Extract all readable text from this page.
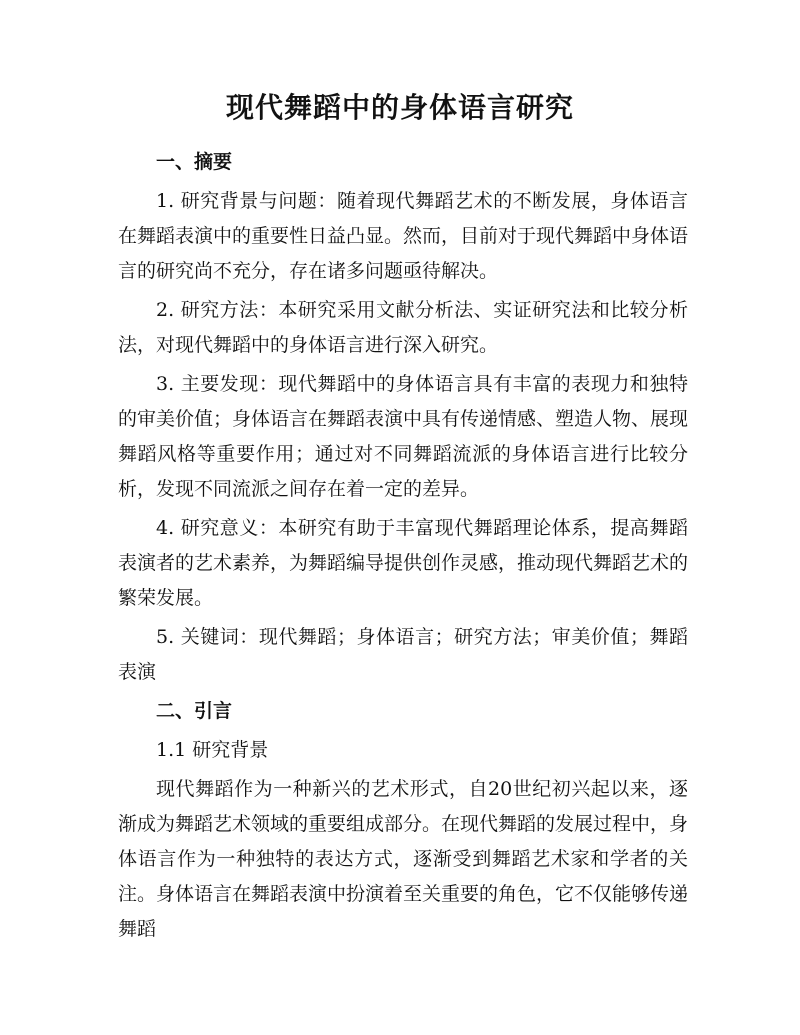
现代舞蹈中的身体语言研究
一、摘要
1. 研究背景与问题：随着现代舞蹈艺术的不断发展，身体语言在舞蹈表演中的重要性日益凸显。然而，目前对于现代舞蹈中身体语言的研究尚不充分，存在诸多问题亟待解决。
2. 研究方法：本研究采用文献分析法、实证研究法和比较分析法，对现代舞蹈中的身体语言进行深入研究。
3. 主要发现：现代舞蹈中的身体语言具有丰富的表现力和独特的审美价值；身体语言在舞蹈表演中具有传递情感、塑造人物、展现舞蹈风格等重要作用；通过对不同舞蹈流派的身体语言进行比较分析，发现不同流派之间存在着一定的差异。
4. 研究意义：本研究有助于丰富现代舞蹈理论体系，提高舞蹈表演者的艺术素养，为舞蹈编导提供创作灵感，推动现代舞蹈艺术的繁荣发展。
5. 关键词：现代舞蹈；身体语言；研究方法；审美价值；舞蹈表演
二、引言
1.1 研究背景
现代舞蹈作为一种新兴的艺术形式，自20世纪初兴起以来，逐渐成为舞蹈艺术领域的重要组成部分。在现代舞蹈的发展过程中，身体语言作为一种独特的表达方式，逐渐受到舞蹈艺术家和学者的关注。身体语言在舞蹈表演中扮演着至关重要的角色，它不仅能够传递舞蹈
